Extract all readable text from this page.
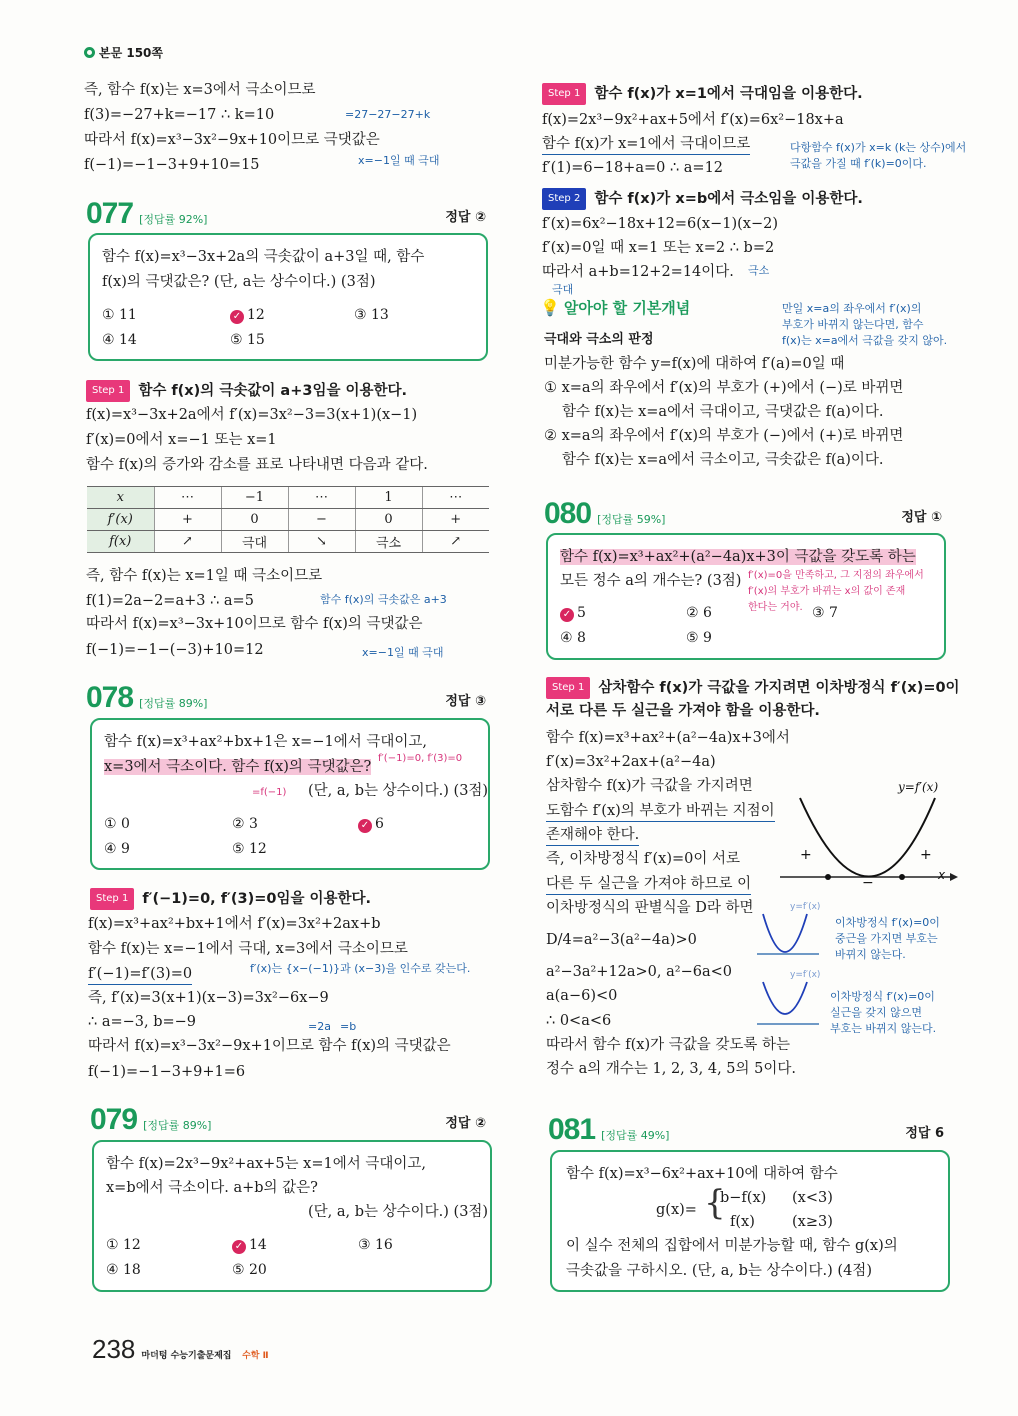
본문 150쪽
즉, 함수 f(x)는 x=3에서 극소이므로
f(3)=−27+k=−17 ∴ k=10	=27−27−27+k
따라서 f(x)=x³−3x²−9x+10이므로 극댓값은
f(−1)=−1−3+9+10=15	x=−1일 때 극대
077 [정답률 92%]	정답 ②
함수 f(x)=x³−3x+2a의 극솟값이 a+3일 때, 함수
f(x)의 극댓값은? (단, a는 상수이다.) (3점)
① 11	✓ 12	③ 13
④ 14	⑤ 15
Step 1 함수 f(x)의 극솟값이 a+3임을 이용한다.
f(x)=x³−3x+2a에서 f′(x)=3x²−3=3(x+1)(x−1)
f′(x)=0에서 x=−1 또는 x=1
함수 f(x)의 증가와 감소를 표로 나타내면 다음과 같다.
x	⋯	−1	⋯	1	⋯
f′(x)	+	0	−	0	+
f(x)	↗	극대	↘	극소	↗
즉, 함수 f(x)는 x=1일 때 극소이므로
f(1)=2a−2=a+3 ∴ a=5	함수 f(x)의 극솟값은 a+3
따라서 f(x)=x³−3x+10이므로 함수 f(x)의 극댓값은
f(−1)=−1−(−3)+10=12	x=−1일 때 극대
078 [정답률 89%]	정답 ③
함수 f(x)=x³+ax²+bx+1은 x=−1에서 극대이고,
f′(−1)=0, f′(3)=0
x=3에서 극소이다. 함수 f(x)의 극댓값은?
=f(−1) (단, a, b는 상수이다.) (3점)
① 0	② 3	✓ 6
④ 9	⑤ 12
Step 1 f′(−1)=0, f′(3)=0임을 이용한다.
f(x)=x³+ax²+bx+1에서 f′(x)=3x²+2ax+b
함수 f(x)는 x=−1에서 극대, x=3에서 극소이므로
f′(−1)=f′(3)=0	f′(x)는 {x−(−1)}과 (x−3)을 인수로 갖는다.
즉, f′(x)=3(x+1)(x−3)=3x²−6x−9
∴ a=−3, b=−9	=2a =b
따라서 f(x)=x³−3x²−9x+1이므로 함수 f(x)의 극댓값은
f(−1)=−1−3+9+1=6
079 [정답률 89%]	정답 ②
함수 f(x)=2x³−9x²+ax+5는 x=1에서 극대이고,
x=b에서 극소이다. a+b의 값은?
(단, a, b는 상수이다.) (3점)
① 12	✓ 14	③ 16
④ 18	⑤ 20
238 마더텅 수능기출문제집 수학 Ⅱ
Step 1 함수 f(x)가 x=1에서 극대임을 이용한다.
f(x)=2x³−9x²+ax+5에서 f′(x)=6x²−18x+a
함수 f(x)가 x=1에서 극대이므로	다항함수 f(x)가 x=k (k는 상수)에서
극값을 가질 때 f′(k)=0이다.
f′(1)=6−18+a=0 ∴ a=12
Step 2 함수 f(x)가 x=b에서 극소임을 이용한다.
f′(x)=6x²−18x+12=6(x−1)(x−2)
f′(x)=0일 때 x=1 또는 x=2 ∴ b=2
따라서 a+b=12+2=14이다. 극소
극대
💡 알아야 할 기본개념	만일 x=a의 좌우에서 f′(x)의
부호가 바뀌지 않는다면, 함수
f(x)는 x=a에서 극값을 갖지 않아.
극대와 극소의 판정
미분가능한 함수 y=f(x)에 대하여 f′(a)=0일 때
① x=a의 좌우에서 f′(x)의 부호가 (+)에서 (−)로 바뀌면
함수 f(x)는 x=a에서 극대이고, 극댓값은 f(a)이다.
② x=a의 좌우에서 f′(x)의 부호가 (−)에서 (+)로 바뀌면
함수 f(x)는 x=a에서 극소이고, 극솟값은 f(a)이다.
080 [정답률 59%]	정답 ①
함수 f(x)=x³+ax²+(a²−4a)x+3이 극값을 갖도록 하는
모든 정수 a의 개수는? (3점) f′(x)=0을 만족하고, 그 지점의 좌우에서
f′(x)의 부호가 바뀌는 x의 값이 존재
한다는 거야.
✓ 5	② 6	③ 7
④ 8	⑤ 9
Step 1 삼차함수 f(x)가 극값을 가지려면 이차방정식 f′(x)=0이
서로 다른 두 실근을 가져야 함을 이용한다.
함수 f(x)=x³+ax²+(a²−4a)x+3에서
f′(x)=3x²+2ax+(a²−4a)
삼차함수 f(x)가 극값을 가지려면
도함수 f′(x)의 부호가 바뀌는 지점이
존재해야 한다.
즉, 이차방정식 f′(x)=0이 서로
다른 두 실근을 가져야 하므로 이
이차방정식의 판별식을 D라 하면
D/4=a²−3(a²−4a)>0
a²−3a²+12a>0, a²−6a<0
a(a−6)<0
∴ 0<a<6
따라서 함수 f(x)가 극값을 갖도록 하는
정수 a의 개수는 1, 2, 3, 4, 5의 5이다.
y=f′(x)
+
−
+
x
y=f′(x)
이차방정식 f′(x)=0이
중근을 가지면 부호는
바뀌지 않는다.
y=f′(x)
이차방정식 f′(x)=0이
실근을 갖지 않으면
부호는 바뀌지 않는다.
081 [정답률 49%]	정답 6
함수 f(x)=x³−6x²+ax+10에 대하여 함수
g(x)= {
b−f(x) (x<3)
f(x)	(x≥3)
이 실수 전체의 집합에서 미분가능할 때, 함수 g(x)의
극솟값을 구하시오. (단, a, b는 상수이다.) (4점)
